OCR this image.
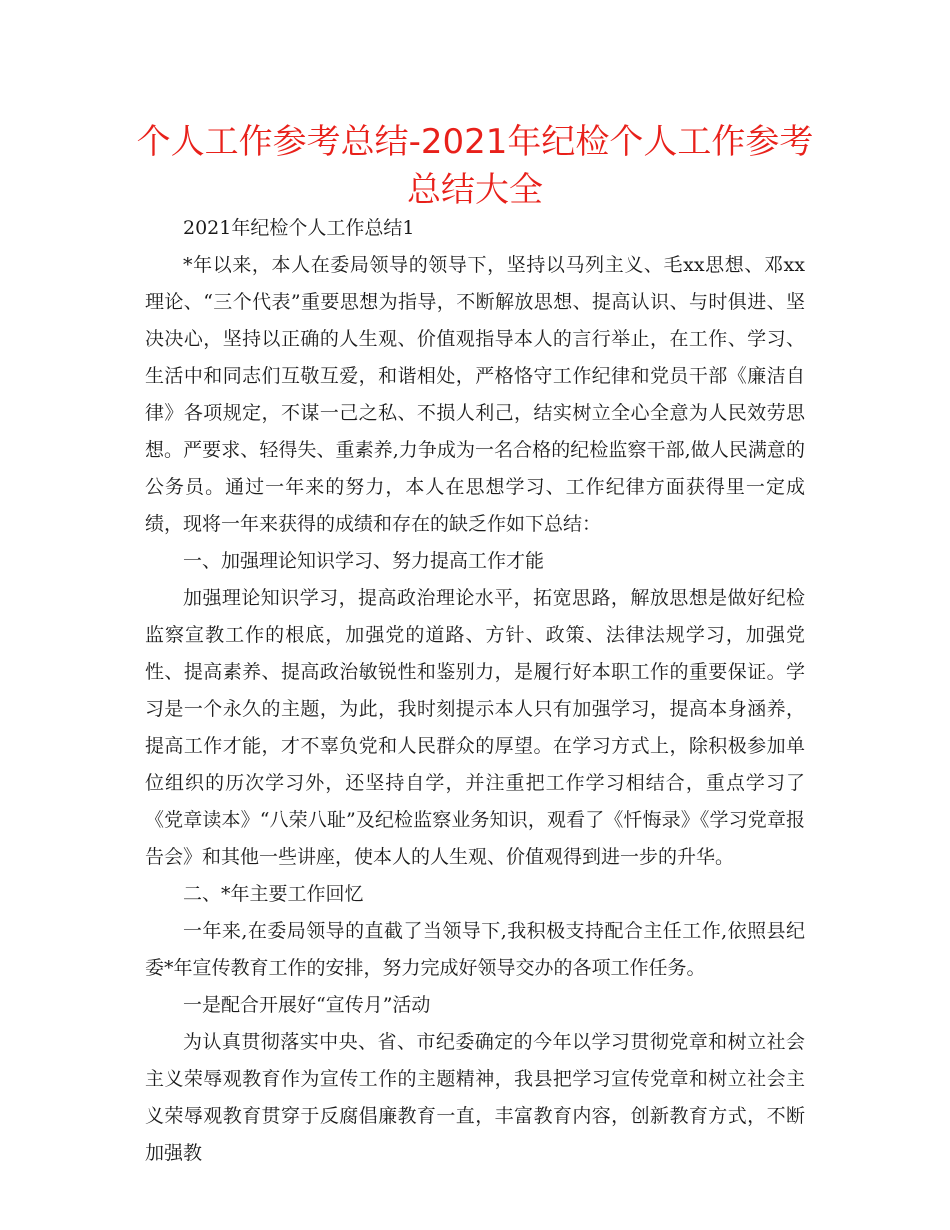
个人工作参考总结-2021年纪检个人工作参考总结大全

2021年纪检个人工作总结1

*年以来，本人在委局领导的领导下，坚持以马列主义、毛xx思想、邓xx理论、“三个代表”重要思想为指导，不断解放思想、提高认识、与时俱进、坚决决心，坚持以正确的人生观、价值观指导本人的言行举止，在工作、学习、生活中和同志们互敬互爱，和谐相处，严格恪守工作纪律和党员干部《廉洁自律》各项规定，不谋一己之私、不损人利己，结实树立全心全意为人民效劳思想。严要求、轻得失、重素养,力争成为一名合格的纪检监察干部,做人民满意的公务员。通过一年来的努力，本人在思想学习、工作纪律方面获得里一定成绩，现将一年来获得的成绩和存在的缺乏作如下总结：

一、加强理论知识学习、努力提高工作才能

加强理论知识学习，提高政治理论水平，拓宽思路，解放思想是做好纪检监察宣教工作的根底，加强党的道路、方针、政策、法律法规学习，加强党性、提高素养、提高政治敏锐性和鉴别力，是履行好本职工作的重要保证。学习是一个永久的主题，为此，我时刻提示本人只有加强学习，提高本身涵养，提高工作才能，才不辜负党和人民群众的厚望。在学习方式上，除积极参加单位组织的历次学习外，还坚持自学，并注重把工作学习相结合，重点学习了《党章读本》“八荣八耻”及纪检监察业务知识，观看了《忏悔录》《学习党章报告会》和其他一些讲座，使本人的人生观、价值观得到进一步的升华。

二、*年主要工作回忆

一年来,在委局领导的直截了当领导下,我积极支持配合主任工作,依照县纪委*年宣传教育工作的安排，努力完成好领导交办的各项工作任务。

一是配合开展好“宣传月”活动

为认真贯彻落实中央、省、市纪委确定的今年以学习贯彻党章和树立社会主义荣辱观教育作为宣传工作的主题精神，我县把学习宣传党章和树立社会主义荣辱观教育贯穿于反腐倡廉教育一直，丰富教育内容，创新教育方式，不断加强教
